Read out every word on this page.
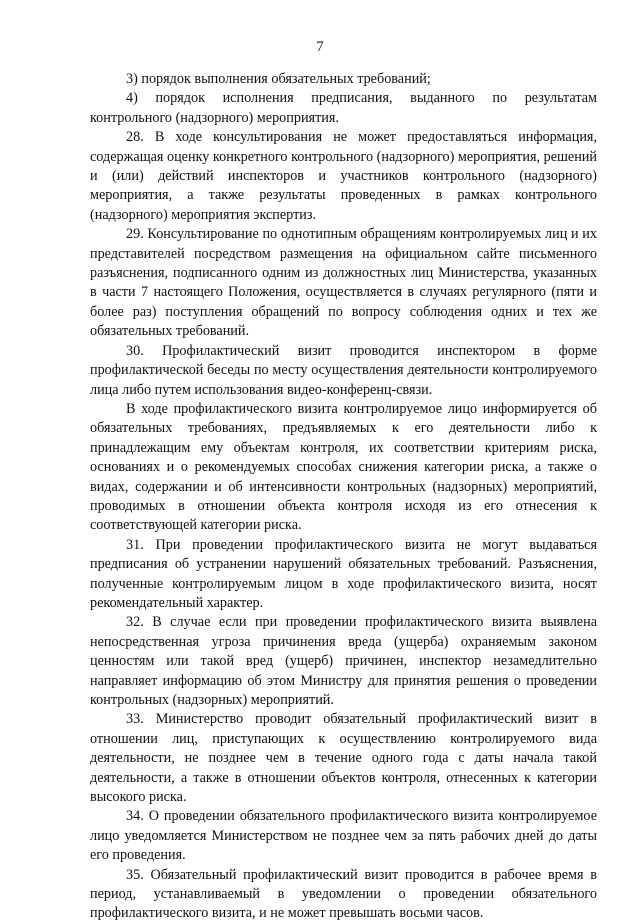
7

3) порядок выполнения обязательных требований;

4) порядок исполнения предписания, выданного по результатам контрольного (надзорного) мероприятия.

28. В ходе консультирования не может предоставляться информация, содержащая оценку конкретного контрольного (надзорного) мероприятия, решений и (или) действий инспекторов и участников контрольного (надзорного) мероприятия, а также результаты проведенных в рамках контрольного (надзорного) мероприятия экспертиз.

29. Консультирование по однотипным обращениям контролируемых лиц и их представителей посредством размещения на официальном сайте письменного разъяснения, подписанного одним из должностных лиц Министерства, указанных в части 7 настоящего Положения, осуществляется в случаях регулярного (пяти и более раз) поступления обращений по вопросу соблюдения одних и тех же обязательных требований.

30. Профилактический визит проводится инспектором в форме профилактической беседы по месту осуществления деятельности контролируемого лица либо путем использования видео-конференц-связи.

В ходе профилактического визита контролируемое лицо информируется об обязательных требованиях, предъявляемых к его деятельности либо к принадлежащим ему объектам контроля, их соответствии критериям риска, основаниях и о рекомендуемых способах снижения категории риска, а также о видах, содержании и об интенсивности контрольных (надзорных) мероприятий, проводимых в отношении объекта контроля исходя из его отнесения к соответствующей категории риска.

31. При проведении профилактического визита не могут выдаваться предписания об устранении нарушений обязательных требований. Разъяснения, полученные контролируемым лицом в ходе профилактического визита, носят рекомендательный характер.

32. В случае если при проведении профилактического визита выявлена непосредственная угроза причинения вреда (ущерба) охраняемым законом ценностям или такой вред (ущерб) причинен, инспектор незамедлительно направляет информацию об этом Министру для принятия решения о проведении контрольных (надзорных) мероприятий.

33. Министерство проводит обязательный профилактический визит в отношении лиц, приступающих к осуществлению контролируемого вида деятельности, не позднее чем в течение одного года с даты начала такой деятельности, а также в отношении объектов контроля, отнесенных к категории высокого риска.

34. О проведении обязательного профилактического визита контролируемое лицо уведомляется Министерством не позднее чем за пять рабочих дней до даты его проведения.

35. Обязательный профилактический визит проводится в рабочее время в период, устанавливаемый в уведомлении о проведении обязательного профилактического визита, и не может превышать восьми часов.
